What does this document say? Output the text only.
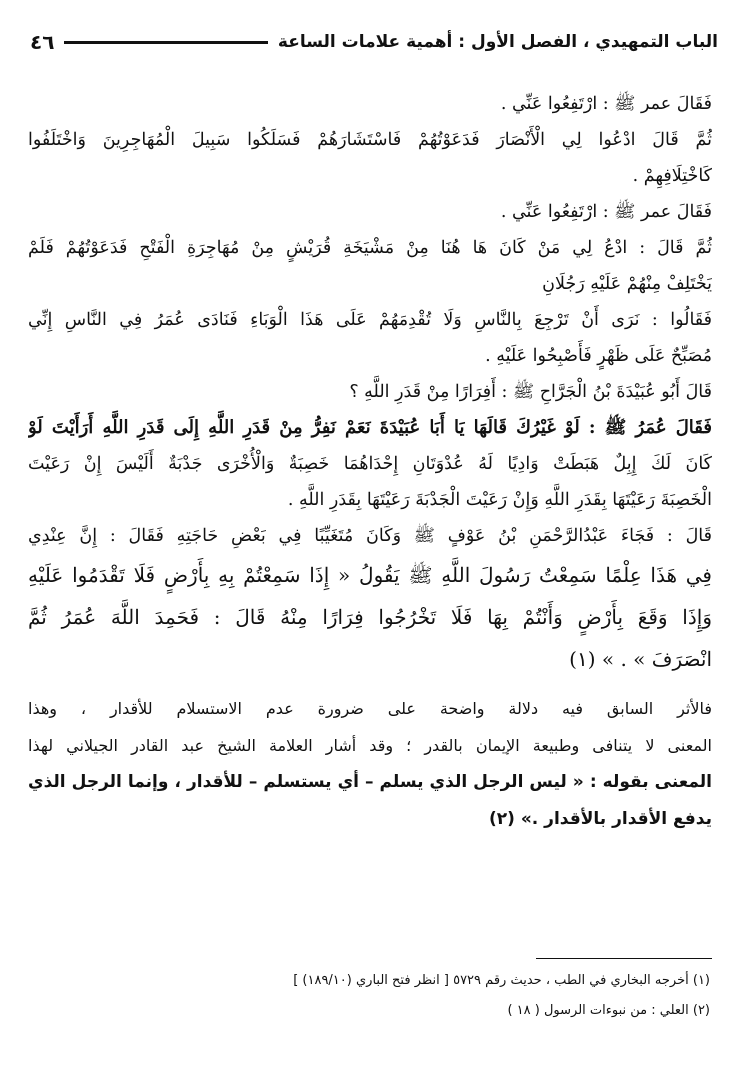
الباب التمهيدي ، الفصل الأول : أهمية علامات الساعة
٤٦
فَقَالَ عمر ﷺ : ارْتَفِعُوا عَنِّي .
ثُمَّ قَالَ ادْعُوا لِي الْأَنْصَارَ فَدَعَوْتُهُمْ فَاسْتَشَارَهُمْ فَسَلَكُوا سَبِيلَ الْمُهَاجِرِينَ وَاخْتَلَفُوا
كَاخْتِلَافِهِمْ .
فَقَالَ عمر ﷺ : ارْتَفِعُوا عَنِّي .
ثُمَّ قَالَ : ادْعُ لِي مَنْ كَانَ هَا هُنَا مِنْ مَشْيَخَةِ قُرَيْشٍ مِنْ مُهَاجِرَةِ الْفَتْحِ فَدَعَوْتُهُمْ فَلَمْ
يَخْتَلِفْ مِنْهُمْ عَلَيْهِ رَجُلَانِ
فَقَالُوا : نَرَى أَنْ تَرْجِعَ بِالنَّاسِ وَلَا تُقْدِمَهُمْ عَلَى هَذَا الْوَبَاءِ فَنَادَى عُمَرُ فِي النَّاسِ إِنِّي
مُصَبِّحٌ عَلَى ظَهْرٍ فَأَصْبِحُوا عَلَيْهِ .
قَالَ أَبُو عُبَيْدَةَ بْنُ الْجَرَّاحِ ﷺ : أَفِرَارًا مِنْ قَدَرِ اللَّهِ ؟
فَقَالَ عُمَرُ ﷺ : لَوْ غَيْرُكَ قَالَهَا يَا أَبَا عُبَيْدَةَ نَعَمْ نَفِرُّ مِنْ قَدَرِ اللَّهِ إِلَى قَدَرِ اللَّهِ أَرَأَيْتَ لَوْ
كَانَ لَكَ إِبِلٌ هَبَطَتْ وَادِيًا لَهُ عُدْوَتَانِ إِحْدَاهُمَا خَصِبَةٌ وَالْأُخْرَى جَدْبَةٌ أَلَيْسَ إِنْ رَعَيْتَ
الْخَصِبَةَ رَعَيْتَهَا بِقَدَرِ اللَّهِ وَإِنْ رَعَيْتَ الْجَدْبَةَ رَعَيْتَهَا بِقَدَرِ اللَّهِ .
قَالَ : فَجَاءَ عَبْدُالرَّحْمَنِ بْنُ عَوْفٍ ﷺ وَكَانَ مُتَغَيِّبًا فِي بَعْضِ حَاجَتِهِ فَقَالَ : إِنَّ عِنْدِي
فِي هَذَا عِلْمًا سَمِعْتُ رَسُولَ اللَّهِ ﷺ يَقُولُ « إِذَا سَمِعْتُمْ بِهِ بِأَرْضٍ فَلَا تَقْدَمُوا عَلَيْهِ
وَإِذَا وَقَعَ بِأَرْضٍ وَأَنْتُمْ بِهَا فَلَا تَخْرُجُوا فِرَارًا مِنْهُ قَالَ : فَحَمِدَ اللَّهَ عُمَرُ ثُمَّ
انْصَرَفَ » . » (١)
فالأثر السابق فيه دلالة واضحة على ضرورة عدم الاستسلام للأقدار ، وهذا
المعنى لا يتنافى وطبيعة الإيمان بالقدر ؛ وقد أشار العلامة الشيخ عبد القادر الجيلاني لهذا
المعنى بقوله : « ليس الرجل الذي يسلم – أي يستسلم – للأقدار ، وإنما الرجل الذي
يدفع الأقدار بالأقدار .» (٢)
(١) أخرجه البخاري في الطب ، حديث رقم ٥٧٢٩ [ انظر فتح الباري (١٨٩/١٠) ]
(٢) العلي : من نبوءات الرسول ( ١٨ )
